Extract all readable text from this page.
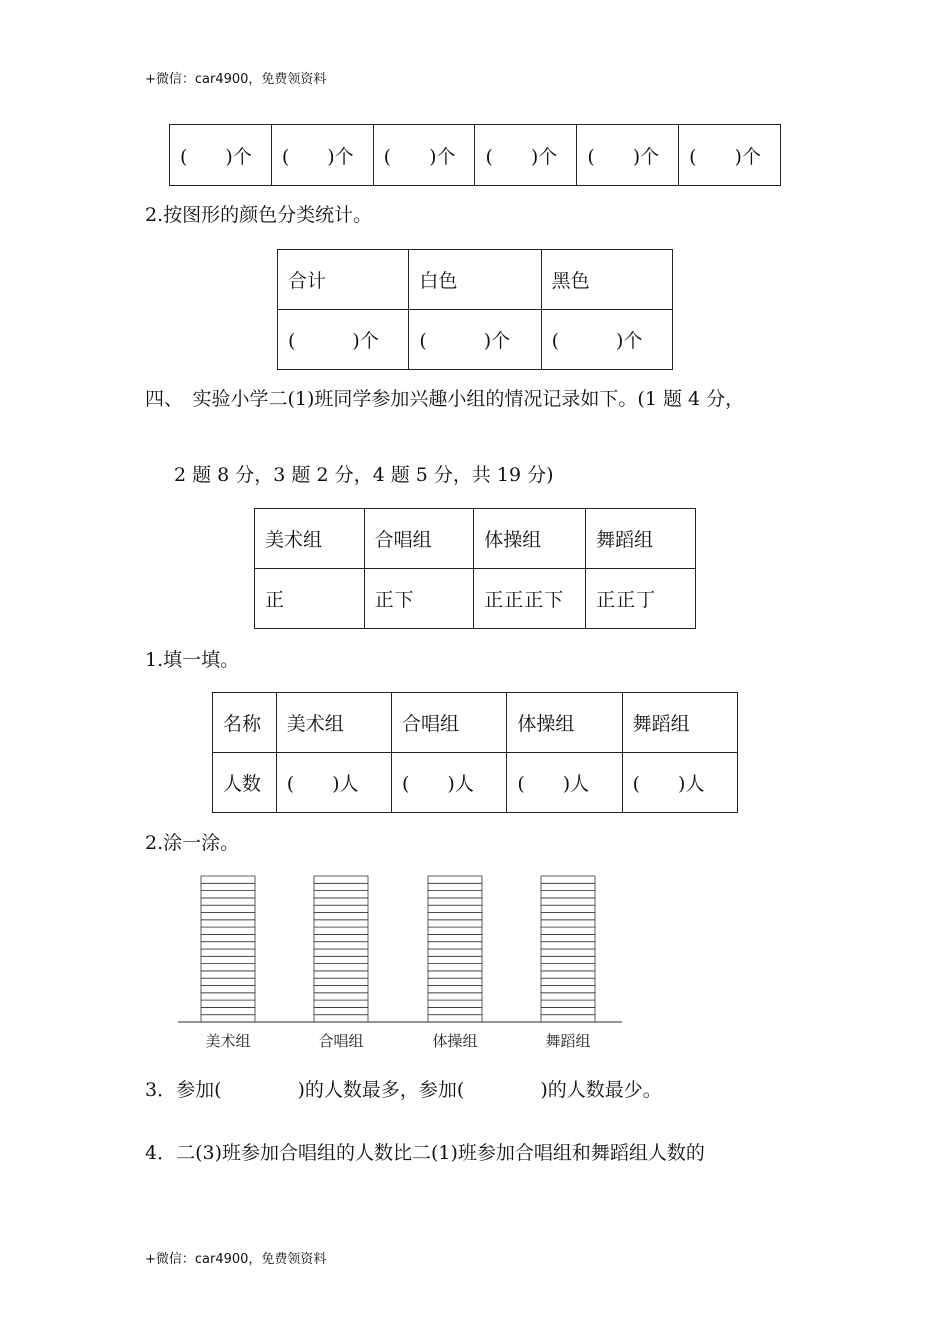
+微信：car4900，免费领资料
(　　)个	(　　)个	(　　)个	(　　)个	(　　)个	(　　)个
2.按图形的颜色分类统计。
合计	白色	黑色
(　　　)个	(　　　)个	(　　　)个
四、　实验小学二(1)班同学参加兴趣小组的情况记录如下。(1 题 4 分，
2 题 8 分，3 题 2 分，4 题 5 分，共 19 分)
美术组	合唱组	体操组	舞蹈组
正	正下	正正正下	正正丁
1.填一填。
名称	美术组	合唱组	体操组	舞蹈组
人数	(　　)人	(　　)人	(　　)人	(　　)人
2.涂一涂。
美术组	合唱组	体操组	舞蹈组
3．参加(　　　　)的人数最多，参加(　　　　)的人数最少。
4．二(3)班参加合唱组的人数比二(1)班参加合唱组和舞蹈组人数的
+微信：car4900，免费领资料
